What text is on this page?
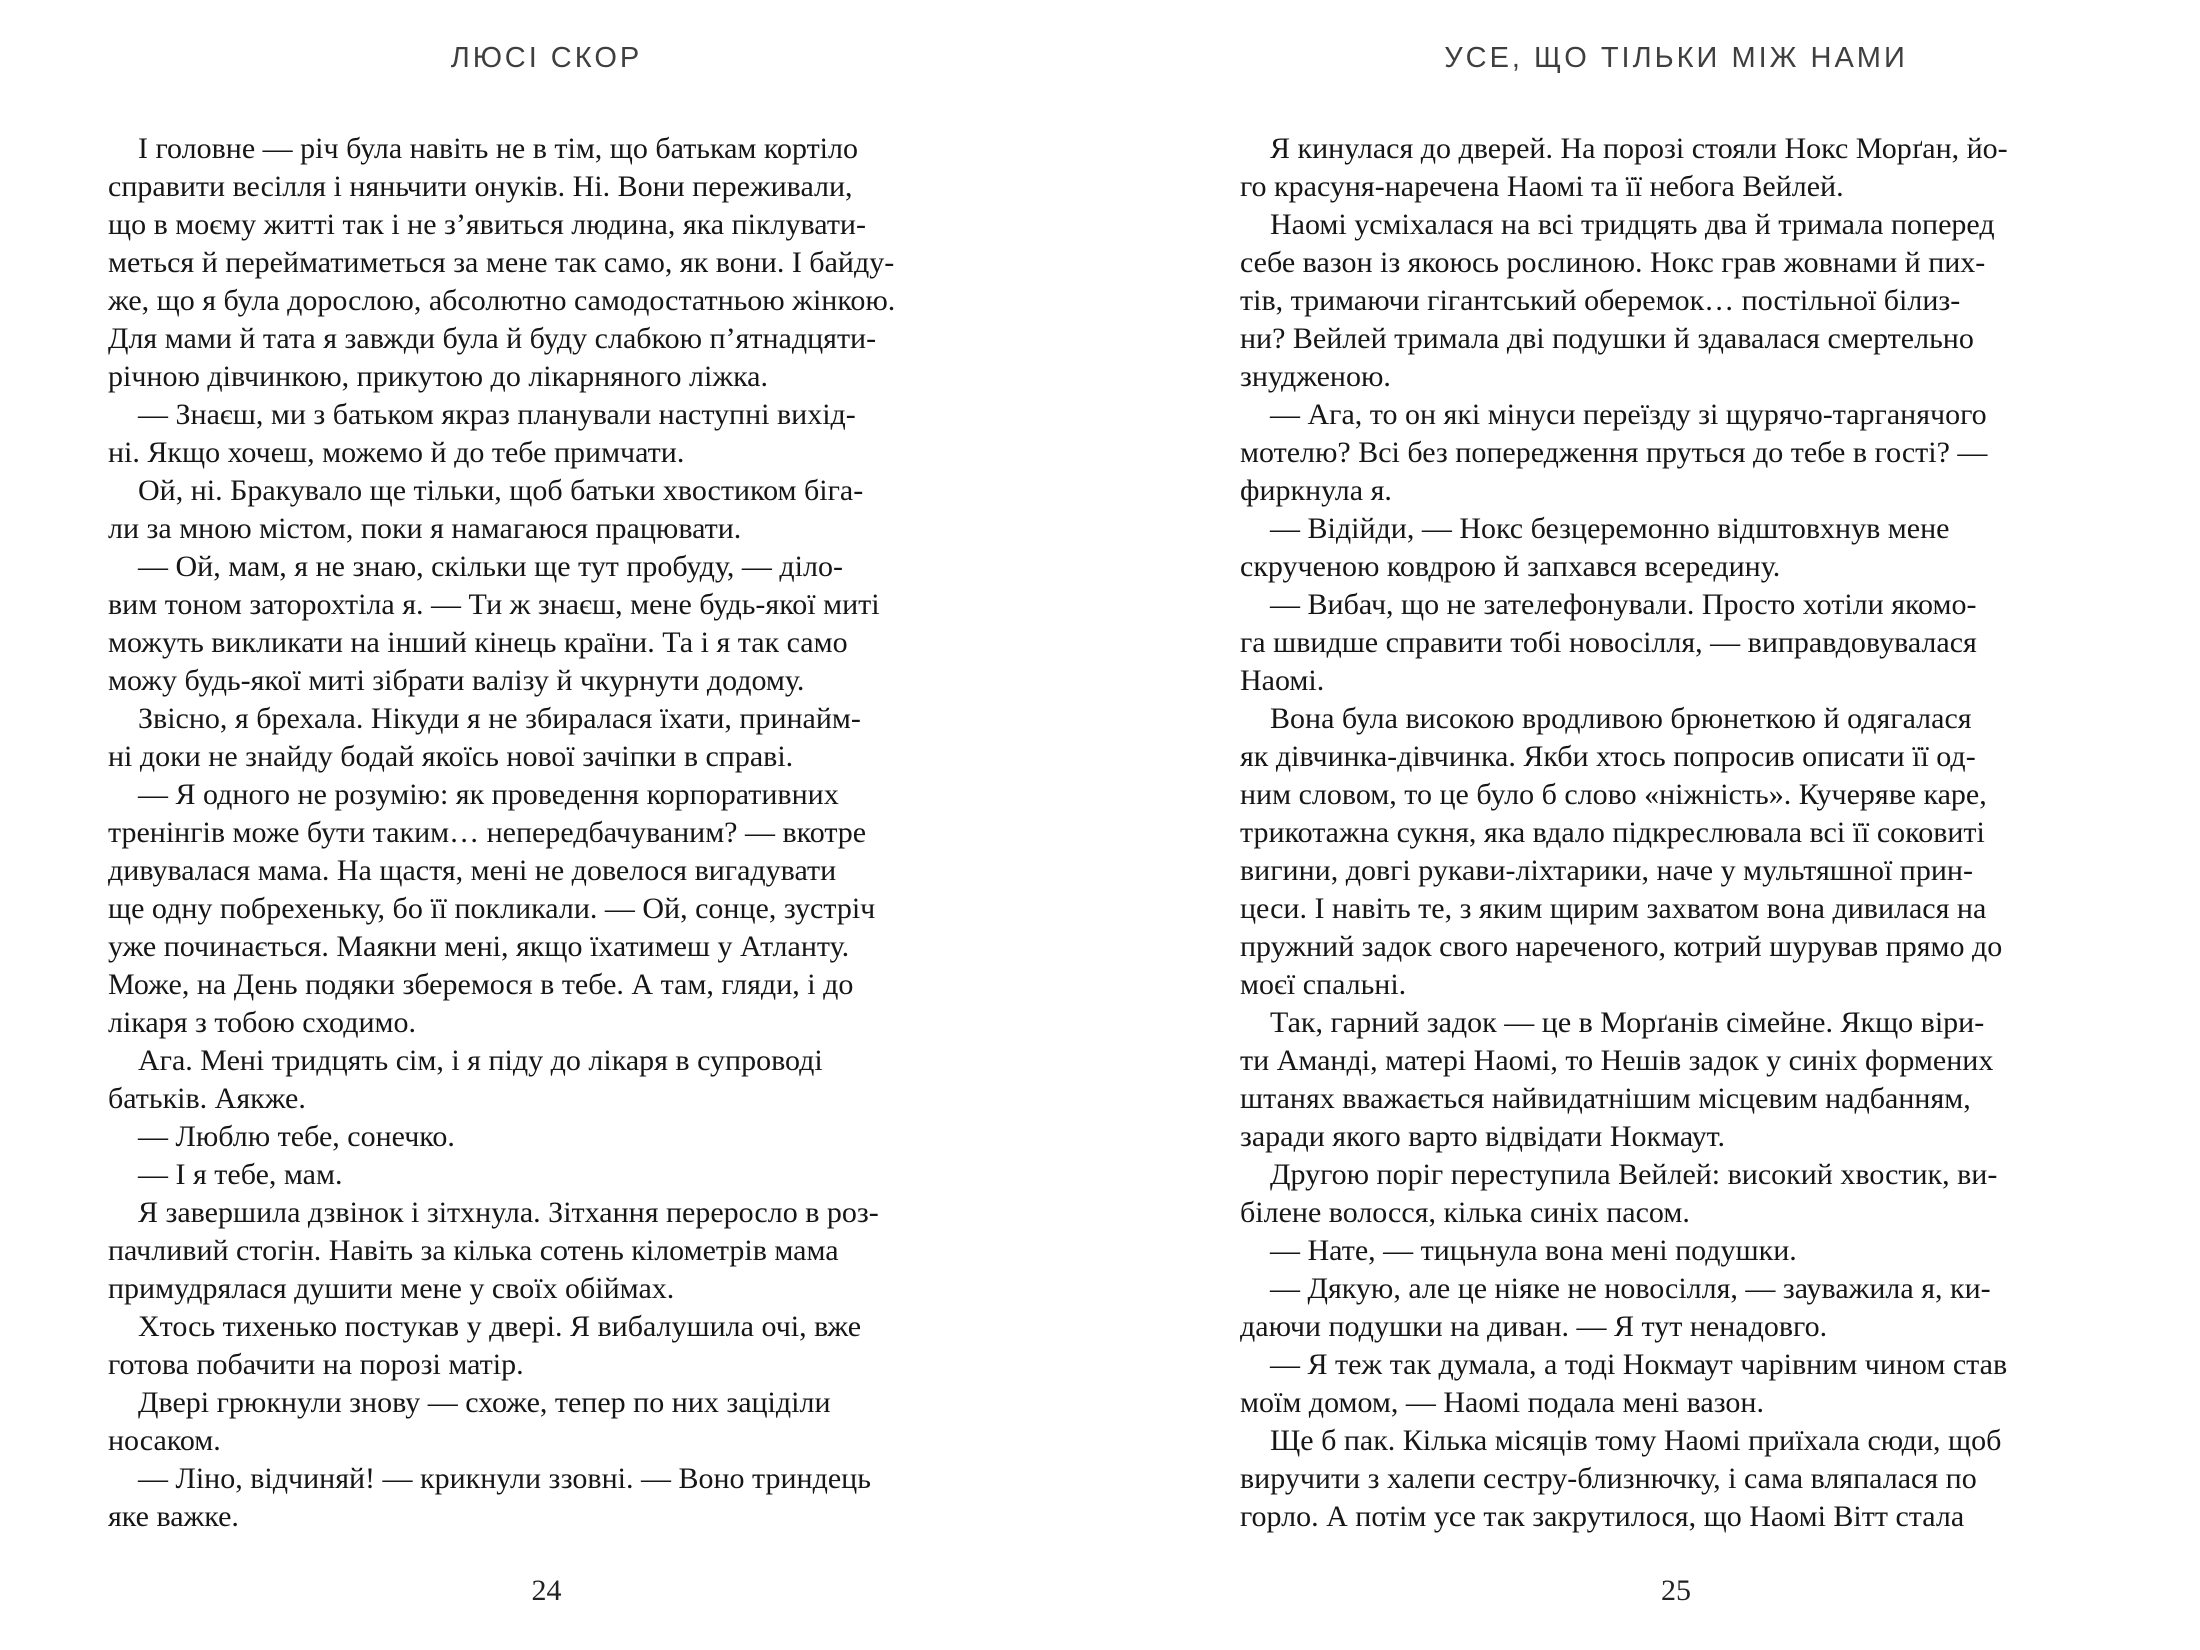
ЛЮСІ СКОР
І головне — річ була навіть не в тім, що батькам кортіло
справити весілля і няньчити онуків. Ні. Вони переживали,
що в моєму житті так і не з’явиться людина, яка піклувати-
меться й перейматиметься за мене так само, як вони. І байду-
же, що я була дорослою, абсолютно самодостатньою жінкою.
Для мами й тата я завжди була й буду слабкою п’ятнадцяти-
річною дівчинкою, прикутою до лікарняного ліжка.
— Знаєш, ми з батьком якраз планували наступні вихід-
ні. Якщо хочеш, можемо й до тебе примчати.
Ой, ні. Бракувало ще тільки, щоб батьки хвостиком біга-
ли за мною містом, поки я намагаюся працювати.
— Ой, мам, я не знаю, скільки ще тут пробуду, — діло-
вим тоном заторохтіла я. — Ти ж знаєш, мене будь-якої миті
можуть викликати на інший кінець країни. Та і я так само
можу будь-якої миті зібрати валізу й чкурнути додому.
Звісно, я брехала. Нікуди я не збиралася їхати, принайм-
ні доки не знайду бодай якоїсь нової зачіпки в справі.
— Я одного не розумію: як проведення корпоративних
тренінгів може бути таким… непередбачуваним? — вкотре
дивувалася мама. На щастя, мені не довелося вигадувати
ще одну побрехеньку, бо її покликали. — Ой, сонце, зустріч
уже починається. Маякни мені, якщо їхатимеш у Атланту.
Може, на День подяки зберемося в тебе. А там, гляди, і до
лікаря з тобою сходимо.
Ага. Мені тридцять сім, і я піду до лікаря в супроводі
батьків. Аякже.
— Люблю тебе, сонечко.
— І я тебе, мам.
Я завершила дзвінок і зітхнула. Зітхання переросло в роз-
пачливий стогін. Навіть за кілька сотень кілометрів мама
примудрялася душити мене у своїх обіймах.
Хтось тихенько постукав у двері. Я вибалушила очі, вже
готова побачити на порозі матір.
Двері грюкнули знову — схоже, тепер по них заціділи
носаком.
— Ліно, відчиняй! — крикнули ззовні. — Воно триндець
яке важке.
24
УСЕ, ЩО ТІЛЬКИ МІЖ НАМИ
Я кинулася до дверей. На порозі стояли Нокс Морґан, йо-
го красуня-наречена Наомі та її небога Вейлей.
Наомі усміхалася на всі тридцять два й тримала поперед
себе вазон із якоюсь рослиною. Нокс грав жовнами й пих-
тів, тримаючи гігантський оберемок… постільної білиз-
ни? Вейлей тримала дві подушки й здавалася смертельно
знудженою.
— Ага, то он які мінуси переїзду зі щурячо-тарганячого
мотелю? Всі без попередження пруться до тебе в гості? —
фиркнула я.
— Відійди, — Нокс безцеремонно відштовхнув мене
скрученою ковдрою й запхався всередину.
— Вибач, що не зателефонували. Просто хотіли якомо-
га швидше справити тобі новосілля, — виправдовувалася
Наомі.
Вона була високою вродливою брюнеткою й одягалася
як дівчинка-дівчинка. Якби хтось попросив описати її од-
ним словом, то це було б слово «ніжність». Кучеряве каре,
трикотажна сукня, яка вдало підкреслювала всі її соковиті
вигини, довгі рукави-ліхтарики, наче у мультяшної прин-
цеси. І навіть те, з яким щирим захватом вона дивилася на
пружний задок свого нареченого, котрий шурував прямо до
моєї спальні.
Так, гарний задок — це в Морґанів сімейне. Якщо віри-
ти Аманді, матері Наомі, то Нешів задок у синіх формених
штанях вважається найвидатнішим місцевим надбанням,
заради якого варто відвідати Нокмаут.
Другою поріг переступила Вейлей: високий хвостик, ви-
білене волосся, кілька синіх пасом.
— Нате, — тицьнула вона мені подушки.
— Дякую, але це ніяке не новосілля, — зауважила я, ки-
даючи подушки на диван. — Я тут ненадовго.
— Я теж так думала, а тоді Нокмаут чарівним чином став
моїм домом, — Наомі подала мені вазон.
Ще б пак. Кілька місяців тому Наомі приїхала сюди, щоб
виручити з халепи сестру-близнючку, і сама вляпалася по
горло. А потім усе так закрутилося, що Наомі Вітт стала
25
